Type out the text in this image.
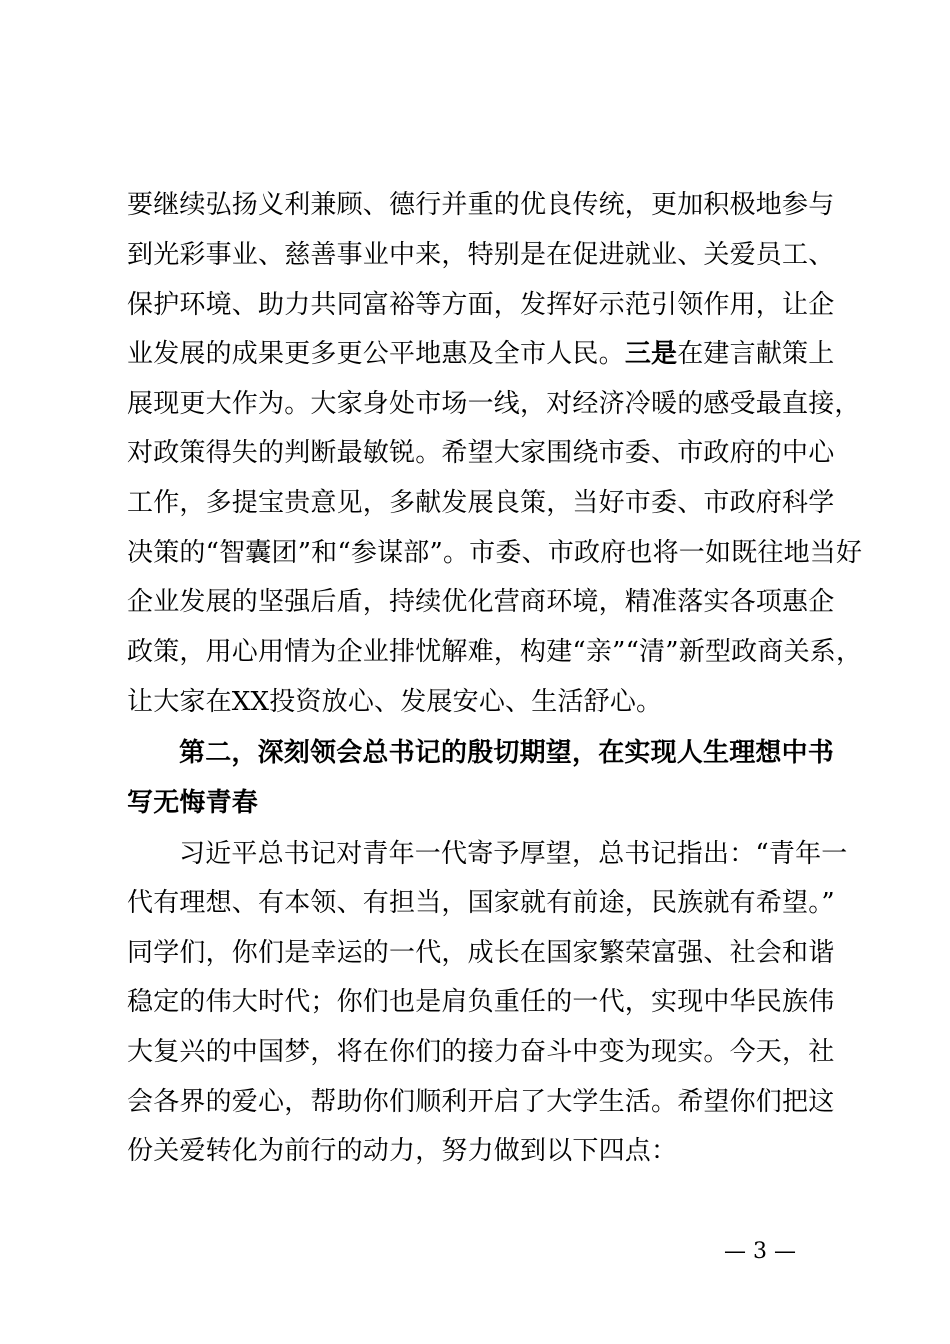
要继续弘扬义利兼顾、德行并重的优良传统，更加积极地参与
到光彩事业、慈善事业中来，特别是在促进就业、关爱员工、
保护环境、助力共同富裕等方面，发挥好示范引领作用，让企
业发展的成果更多更公平地惠及全市人民。三是在建言献策上
展现更大作为。大家身处市场一线，对经济冷暖的感受最直接，
对政策得失的判断最敏锐。希望大家围绕市委、市政府的中心
工作，多提宝贵意见，多献发展良策，当好市委、市政府科学
决策的“智囊团”和“参谋部”。市委、市政府也将一如既往地当好
企业发展的坚强后盾，持续优化营商环境，精准落实各项惠企
政策，用心用情为企业排忧解难，构建“亲”“清”新型政商关系，
让大家在XX投资放心、发展安心、生活舒心。
第二，深刻领会总书记的殷切期望，在实现人生理想中书
写无悔青春
习近平总书记对青年一代寄予厚望，总书记指出：“青年一
代有理想、有本领、有担当，国家就有前途，民族就有希望。”
同学们，你们是幸运的一代，成长在国家繁荣富强、社会和谐
稳定的伟大时代；你们也是肩负重任的一代，实现中华民族伟
大复兴的中国梦，将在你们的接力奋斗中变为现实。今天，社
会各界的爱心，帮助你们顺利开启了大学生活。希望你们把这
份关爱转化为前行的动力，努力做到以下四点：
— 3 —
